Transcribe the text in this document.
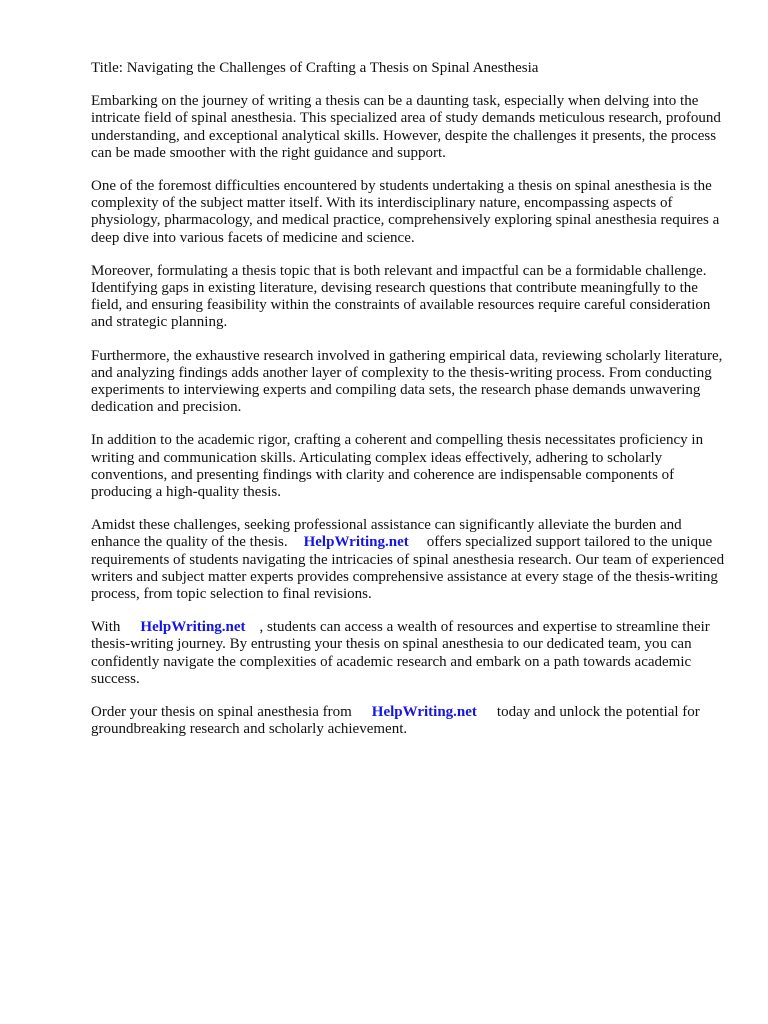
Title: Navigating the Challenges of Crafting a Thesis on Spinal Anesthesia

Embarking on the journey of writing a thesis can be a daunting task, especially when delving into the intricate field of spinal anesthesia. This specialized area of study demands meticulous research, profound understanding, and exceptional analytical skills. However, despite the challenges it presents, the process can be made smoother with the right guidance and support.

One of the foremost difficulties encountered by students undertaking a thesis on spinal anesthesia is the complexity of the subject matter itself. With its interdisciplinary nature, encompassing aspects of physiology, pharmacology, and medical practice, comprehensively exploring spinal anesthesia requires a deep dive into various facets of medicine and science.

Moreover, formulating a thesis topic that is both relevant and impactful can be a formidable challenge. Identifying gaps in existing literature, devising research questions that contribute meaningfully to the field, and ensuring feasibility within the constraints of available resources require careful consideration and strategic planning.

Furthermore, the exhaustive research involved in gathering empirical data, reviewing scholarly literature, and analyzing findings adds another layer of complexity to the thesis-writing process. From conducting experiments to interviewing experts and compiling data sets, the research phase demands unwavering dedication and precision.

In addition to the academic rigor, crafting a coherent and compelling thesis necessitates proficiency in writing and communication skills. Articulating complex ideas effectively, adhering to scholarly conventions, and presenting findings with clarity and coherence are indispensable components of producing a high-quality thesis.

Amidst these challenges, seeking professional assistance can significantly alleviate the burden and enhance the quality of the thesis. HelpWriting.net offers specialized support tailored to the unique requirements of students navigating the intricacies of spinal anesthesia research. Our team of experienced writers and subject matter experts provides comprehensive assistance at every stage of the thesis-writing process, from topic selection to final revisions.

With HelpWriting.net , students can access a wealth of resources and expertise to streamline their thesis-writing journey. By entrusting your thesis on spinal anesthesia to our dedicated team, you can confidently navigate the complexities of academic research and embark on a path towards academic success.

Order your thesis on spinal anesthesia from HelpWriting.net today and unlock the potential for groundbreaking research and scholarly achievement.
